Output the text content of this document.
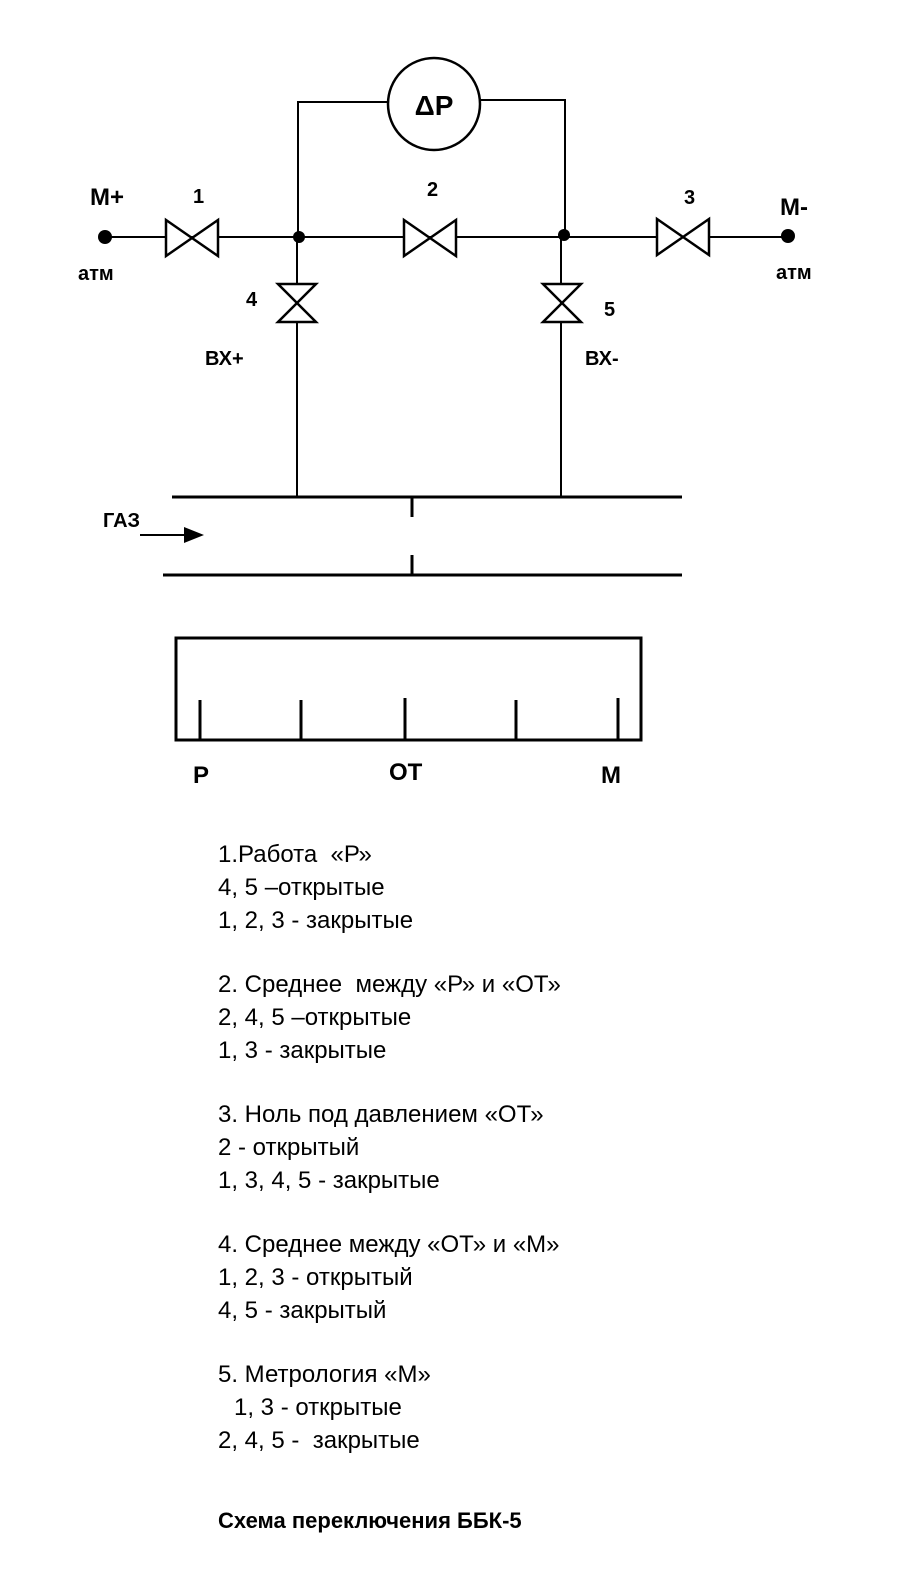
ΔP
М+	М-
атм	атм
1	2	3
4	5
ВХ+	ВХ-
ГАЗ
Р	ОТ	М
1.Работа  «Р»
4, 5 –открытые
1, 2, 3 - закрытые
2. Среднее  между «Р» и «ОТ»
2, 4, 5 –открытые
1, 3 - закрытые
3. Ноль под давлением «ОТ»
2 - открытый
1, 3, 4, 5 - закрытые
4. Среднее между «ОТ» и «М»
1, 2, 3 - открытый
4, 5 - закрытый
5. Метрология «М»
1, 3 - открытые
2, 4, 5 -  закрытые
Схема переключения ББК-5
